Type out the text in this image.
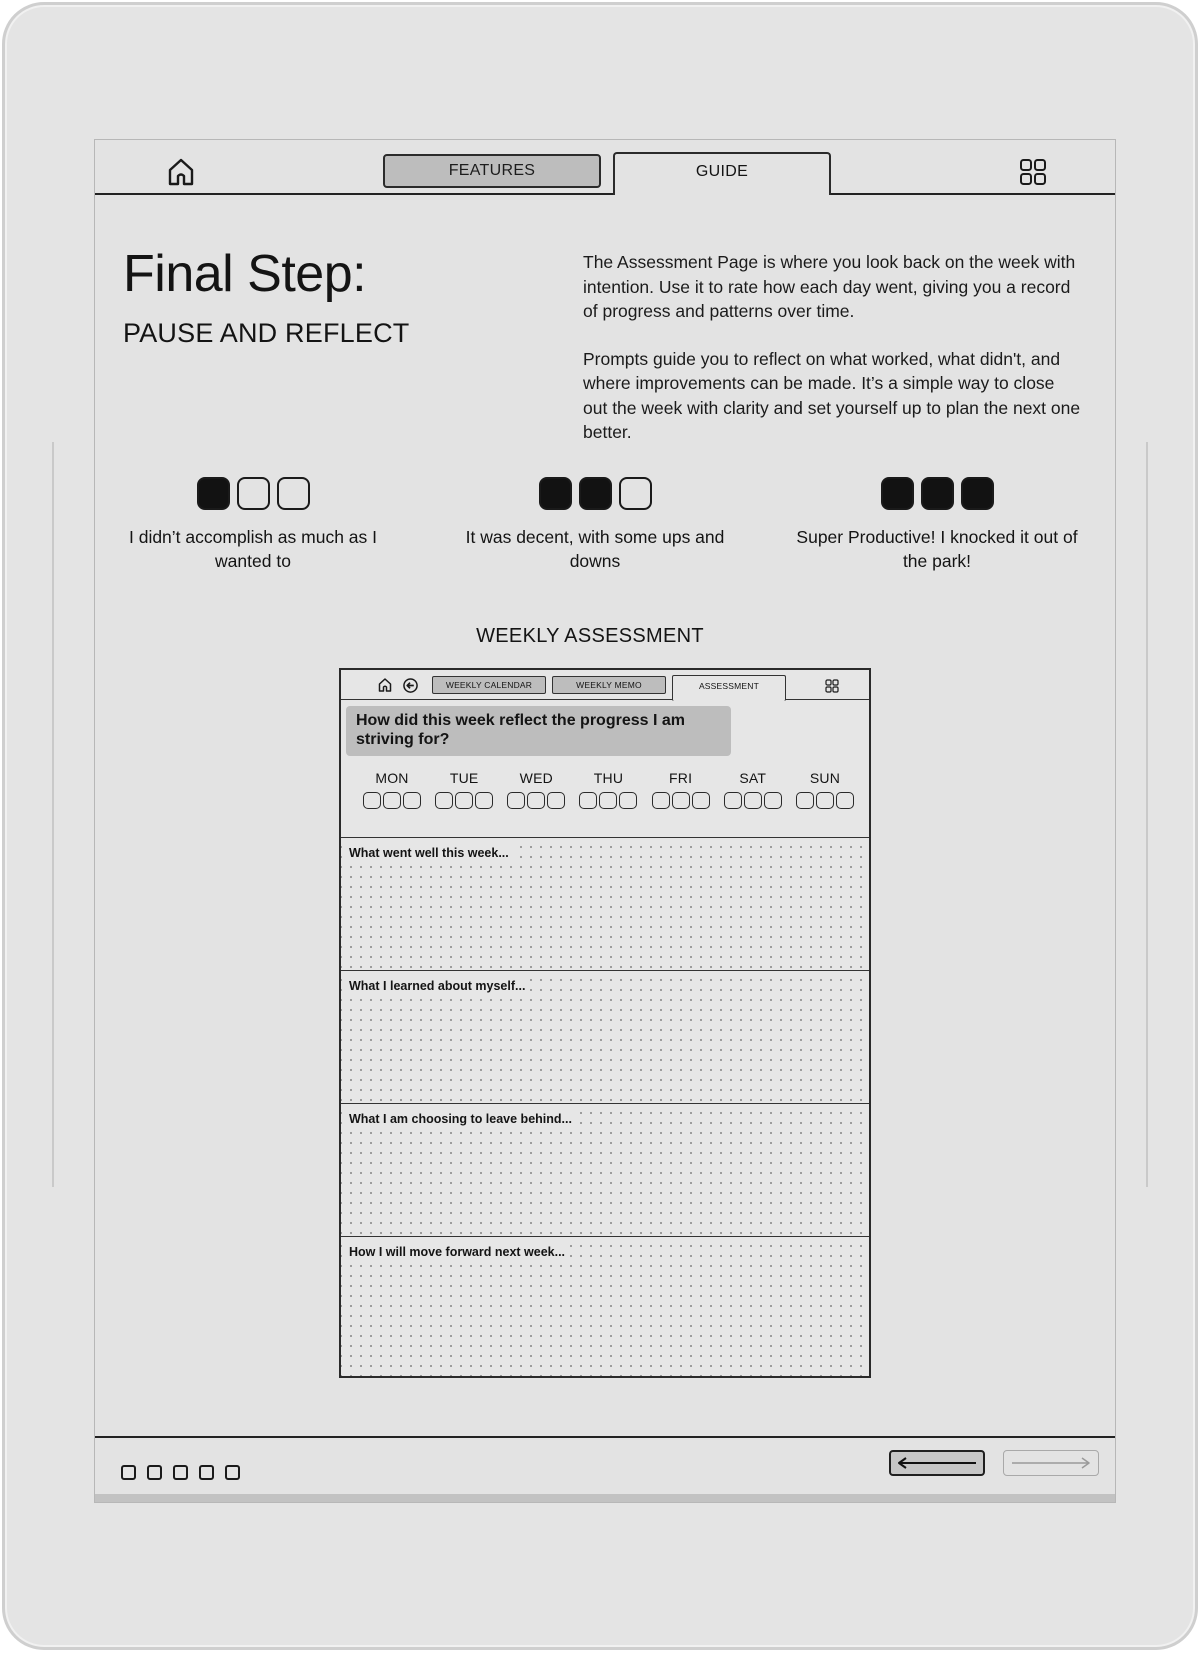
FEATURES	GUIDE
Final Step:
PAUSE AND REFLECT

The Assessment Page is where you look back on the week with intention. Use it to rate how each day went, giving you a record of progress and patterns over time.

Prompts guide you to reflect on what worked, what didn't, and where improvements can be made. It’s a simple way to close out the week with clarity and set yourself up to plan the next one better.

I didn’t accomplish as much as I wanted to
It was decent, with some ups and downs
Super Productive! I knocked it out of the park!
WEEKLY ASSESSMENT
WEEKLY CALENDAR	WEEKLY MEMO	ASSESSMENT
How did this week reflect the progress I am striving for?
MON	TUE	WED	THU	FRI	SAT	SUN
What went well this week...
What I learned about myself...
What I am choosing to leave behind...
How I will move forward next week...
